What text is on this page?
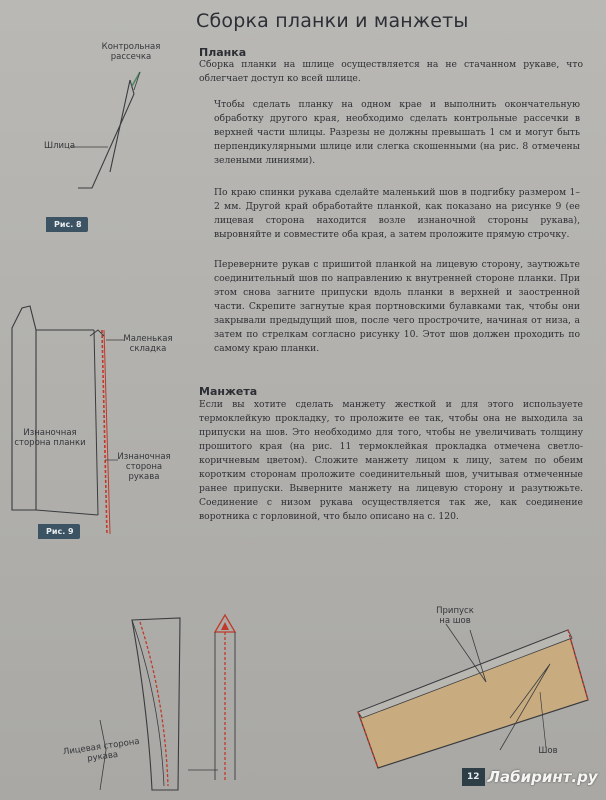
Сборка планки и манжеты
Планка
Сборка планки на шлице осуществляется на не стачанном рукаве, что облегчает доступ ко всей шлице.
Чтобы сделать планку на одном крае и выполнить окончательную обработку другого края, необходимо сделать контрольные рассечки в верхней части шлицы. Разрезы не должны превышать 1 см и могут быть перпендикулярными шлице или слегка скошенными (на рис. 8 отмечены зелеными линиями).
По краю спинки рукава сделайте маленький шов в подгибку размером 1–2 мм. Другой край обработайте планкой, как показано на рисунке 9 (ее лицевая сторона находится возле изнаночной стороны рукава), выровняйте и совместите оба края, а затем проложите прямую строчку.
Переверните рукав с пришитой планкой на лицевую сторону, заутюжьте соединительный шов по направлению к внутренней стороне планки. При этом снова загните припуски вдоль планки в верхней и заостренной части. Скрепите загнутые края портновскими булавками так, чтобы они закрывали предыдущий шов, после чего прострочите, начиная от низа, а затем по стрелкам согласно рисунку 10. Этот шов должен проходить по самому краю планки.
Манжета
Если вы хотите сделать манжету жесткой и для этого используете термоклейкую прокладку, то проложите ее так, чтобы она не выходила за припуски на шов. Это необходимо для того, чтобы не увеличивать толщину прошитого края (на рис. 11 термоклейкая прокладка отмечена светло-коричневым цветом). Сложите манжету лицом к лицу, затем по обеим коротким сторонам проложите соединительный шов, учитывая отмеченные ранее припуски. Выверните манжету на лицевую сторону и разутюжьте. Соединение с низом рукава осуществляется так же, как соединение воротника с горловиной, что было описано на с. 120.
Контрольная рассечка
Шлица
Рис. 8
Маленькая складка
Изнаночная сторона планки
Изнаночная сторона рукава
Рис. 9
Лицевая сторона рукава
Припуск на шов
Шов
12 Лабиринт.ру
